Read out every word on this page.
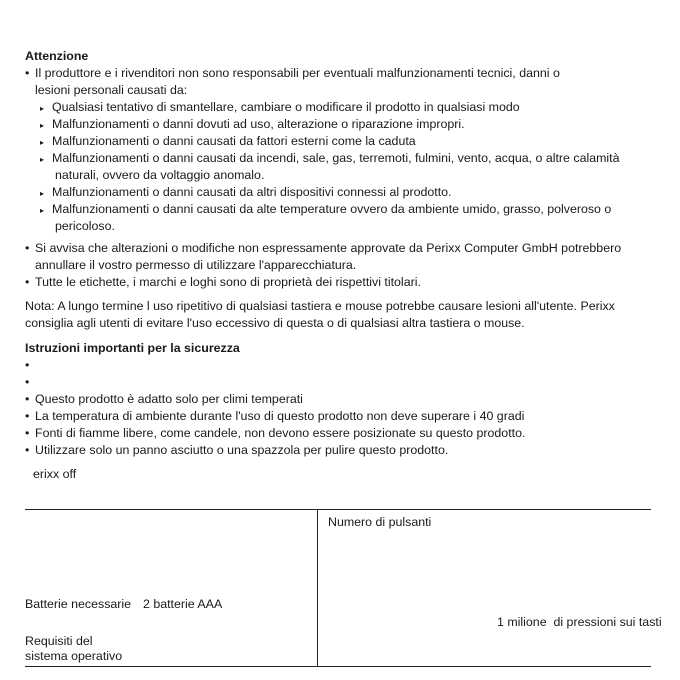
Attenzione
• Il produttore e i rivenditori non sono responsabili per eventuali malfunzionamenti tecnici, danni o
lesioni personali causati da:
▸ Qualsiasi tentativo di smantellare, cambiare o modificare il prodotto in qualsiasi modo
▸ Malfunzionamenti o danni dovuti ad uso, alterazione o riparazione impropri.
▸ Malfunzionamenti o danni causati da fattori esterni come la caduta
▸ Malfunzionamenti o danni causati da incendi, sale, gas, terremoti, fulmini, vento, acqua, o altre calamità
naturali, ovvero da voltaggio anomalo.
▸ Malfunzionamenti o danni causati da altri dispositivi connessi al prodotto.
▸ Malfunzionamenti o danni causati da alte temperature ovvero da ambiente umido, grasso, polveroso o
pericoloso.
• Si avvisa che alterazioni o modifiche non espressamente approvate da Perixx Computer GmbH potrebbero
annullare il vostro permesso di utilizzare l'apparecchiatura.
• Tutte le etichette, i marchi e loghi sono di proprietà dei rispettivi titolari.
Nota: A lungo termine l uso ripetitivo di qualsiasi tastiera e mouse potrebbe causare lesioni all'utente. Perixx
consiglia agli utenti di evitare l'uso eccessivo di questa o di qualsiasi altra tastiera o mouse.
Istruzioni importanti per la sicurezza
•
•
• Questo prodotto è adatto solo per climi temperati
• La temperatura di ambiente durante l'uso di questo prodotto non deve superare i 40 gradi
• Fonti di fiamme libere, come candele, non devono essere posizionate su questo prodotto.
• Utilizzare solo un panno asciutto o una spazzola per pulire questo prodotto.
erixx off
Numero di pulsanti
Batterie necessarie 2 batterie AAA
1 milione  di pressioni sui tasti
Requisiti del
sistema operativo
